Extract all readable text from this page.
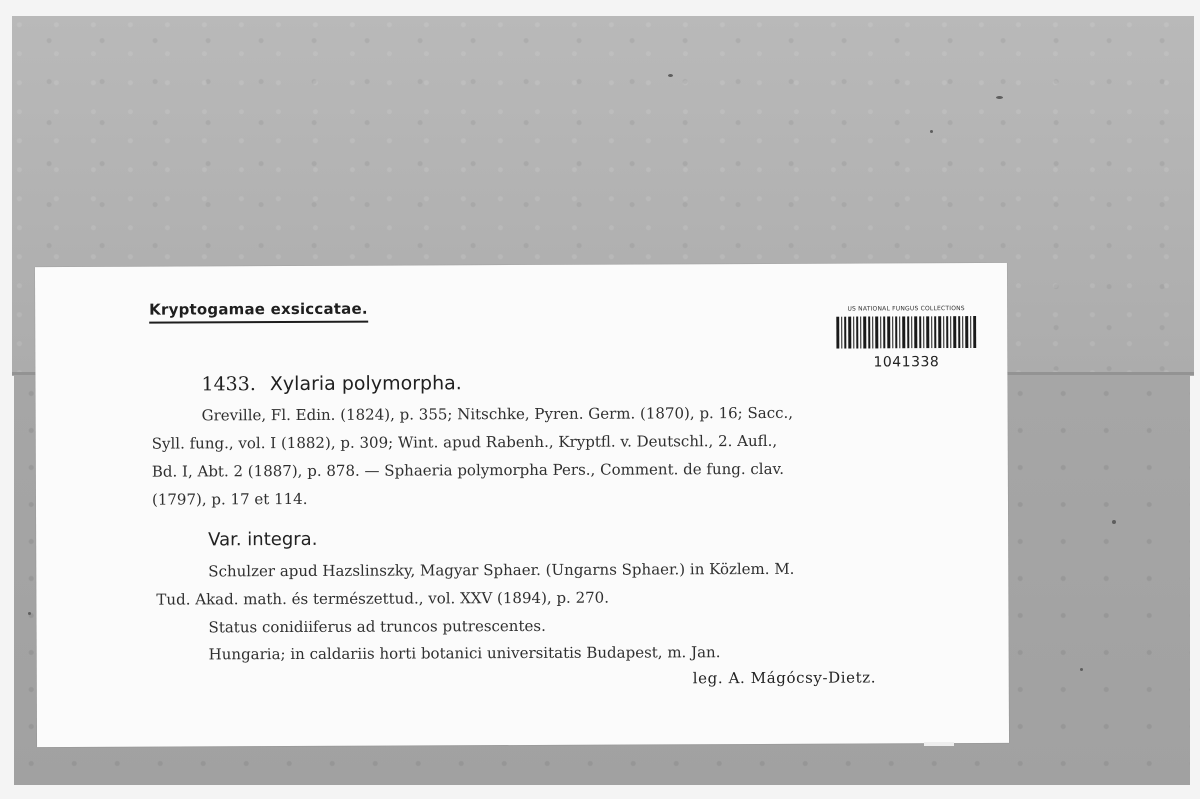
Kryptogamae exsiccatae.	US NATIONAL FUNGUS COLLECTIONS
1041338
1433. Xylaria polymorpha.
Greville, Fl. Edin. (1824), p. 355; Nitschke, Pyren. Germ. (1870), p. 16; Sacc.,
Syll. fung., vol. I (1882), p. 309; Wint. apud Rabenh., Kryptfl. v. Deutschl., 2. Aufl.,
Bd. I, Abt. 2 (1887), p. 878. — Sphaeria polymorpha Pers., Comment. de fung. clav.
(1797), p. 17 et 114.
Var. integra.
Schulzer apud Hazslinszky, Magyar Sphaer. (Ungarns Sphaer.) in Közlem. M.
Tud. Akad. math. és természettud., vol. XXV (1894), p. 270.
Status conidiiferus ad truncos putrescentes.
Hungaria; in caldariis horti botanici universitatis Budapest, m. Jan.
leg. A. Mágócsy-Dietz.
